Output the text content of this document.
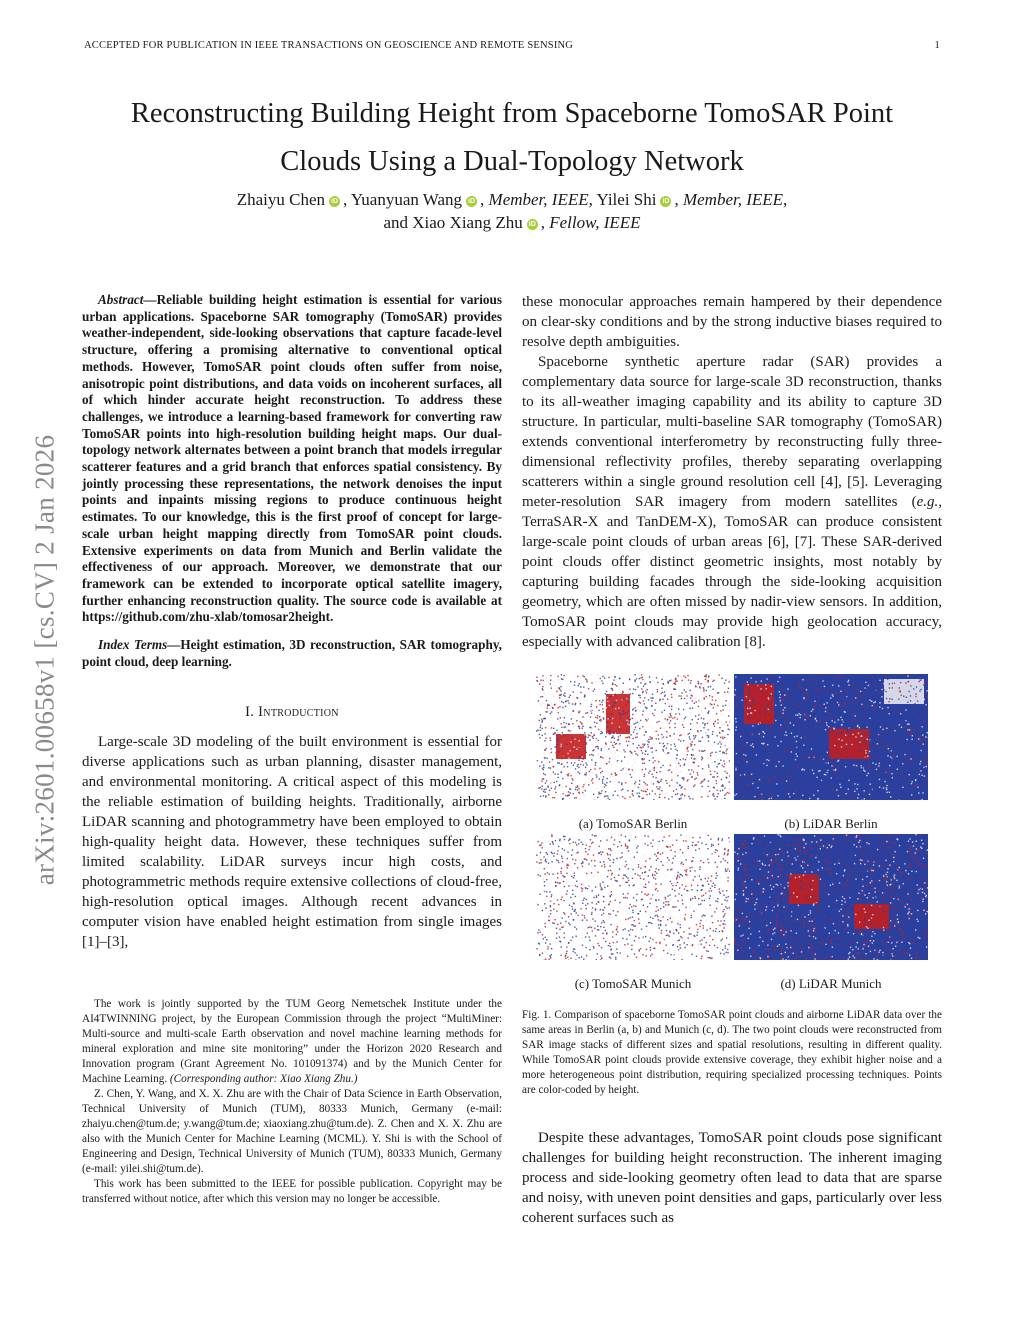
ACCEPTED FOR PUBLICATION IN IEEE TRANSACTIONS ON GEOSCIENCE AND REMOTE SENSING	1
arXiv:2601.00658v1 [cs.CV] 2 Jan 2026
Reconstructing Building Height from Spaceborne TomoSAR Point Clouds Using a Dual-Topology Network
Zhaiyu Chen iD , Yuanyuan Wang iD , Member, IEEE, Yilei Shi iD , Member, IEEE,
and Xiao Xiang Zhu iD , Fellow, IEEE

Abstract—Reliable building height estimation is essential for various urban applications. Spaceborne SAR tomography (TomoSAR) provides weather-independent, side-looking observations that capture facade-level structure, offering a promising alternative to conventional optical methods. However, TomoSAR point clouds often suffer from noise, anisotropic point distributions, and data voids on incoherent surfaces, all of which hinder accurate height reconstruction. To address these challenges, we introduce a learning-based framework for converting raw TomoSAR points into high-resolution building height maps. Our dual-topology network alternates between a point branch that models irregular scatterer features and a grid branch that enforces spatial consistency. By jointly processing these representations, the network denoises the input points and inpaints missing regions to produce continuous height estimates. To our knowledge, this is the first proof of concept for large-scale urban height mapping directly from TomoSAR point clouds. Extensive experiments on data from Munich and Berlin validate the effectiveness of our approach. Moreover, we demonstrate that our framework can be extended to incorporate optical satellite imagery, further enhancing reconstruction quality. The source code is available at https://github.com/zhu-xlab/tomosar2height.

Index Terms—Height estimation, 3D reconstruction, SAR tomography, point cloud, deep learning.

I. Introduction

Large-scale 3D modeling of the built environment is essential for diverse applications such as urban planning, disaster management, and environmental monitoring. A critical aspect of this modeling is the reliable estimation of building heights. Traditionally, airborne LiDAR scanning and photogrammetry have been employed to obtain high-quality height data. However, these techniques suffer from limited scalability. LiDAR surveys incur high costs, and photogrammetric methods require extensive collections of cloud-free, high-resolution optical images. Although recent advances in computer vision have enabled height estimation from single images [1]–[3],

The work is jointly supported by the TUM Georg Nemetschek Institute under the AI4TWINNING project, by the European Commission through the project “MultiMiner: Multi-source and multi-scale Earth observation and novel machine learning methods for mineral exploration and mine site monitoring” under the Horizon 2020 Research and Innovation program (Grant Agreement No. 101091374) and by the Munich Center for Machine Learning. (Corresponding author: Xiao Xiang Zhu.)

Z. Chen, Y. Wang, and X. X. Zhu are with the Chair of Data Science in Earth Observation, Technical University of Munich (TUM), 80333 Munich, Germany (e-mail: zhaiyu.chen@tum.de; y.wang@tum.de; xiaoxiang.zhu@tum.de). Z. Chen and X. X. Zhu are also with the Munich Center for Machine Learning (MCML). Y. Shi is with the School of Engineering and Design, Technical University of Munich (TUM), 80333 Munich, Germany (e-mail: yilei.shi@tum.de).

This work has been submitted to the IEEE for possible publication. Copyright may be transferred without notice, after which this version may no longer be accessible.

these monocular approaches remain hampered by their dependence on clear-sky conditions and by the strong inductive biases required to resolve depth ambiguities.

Spaceborne synthetic aperture radar (SAR) provides a complementary data source for large-scale 3D reconstruction, thanks to its all-weather imaging capability and its ability to capture 3D structure. In particular, multi-baseline SAR tomography (TomoSAR) extends conventional interferometry by reconstructing fully three-dimensional reflectivity profiles, thereby separating overlapping scatterers within a single ground resolution cell [4], [5]. Leveraging meter-resolution SAR imagery from modern satellites (e.g., TerraSAR-X and TanDEM-X), TomoSAR can produce consistent large-scale point clouds of urban areas [6], [7]. These SAR-derived point clouds offer distinct geometric insights, most notably by capturing building facades through the side-looking acquisition geometry, which are often missed by nadir-view sensors. In addition, TomoSAR point clouds may provide high geolocation accuracy, especially with advanced calibration [8].

(a) TomoSAR Berlin	(b) LiDAR Berlin
(c) TomoSAR Munich	(d) LiDAR Munich
Fig. 1. Comparison of spaceborne TomoSAR point clouds and airborne LiDAR data over the same areas in Berlin (a, b) and Munich (c, d). The two point clouds were reconstructed from SAR image stacks of different sizes and spatial resolutions, resulting in different quality. While TomoSAR point clouds provide extensive coverage, they exhibit higher noise and a more heterogeneous point distribution, requiring specialized processing techniques. Points are color-coded by height.

Despite these advantages, TomoSAR point clouds pose significant challenges for building height reconstruction. The inherent imaging process and side-looking geometry often lead to data that are sparse and noisy, with uneven point densities and gaps, particularly over less coherent surfaces such as
